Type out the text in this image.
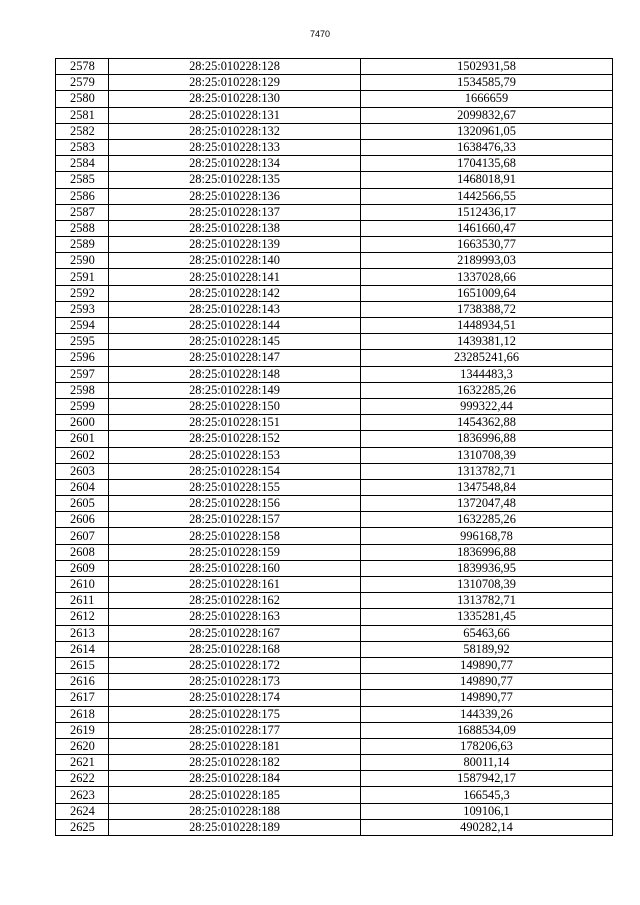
7470
2578	28:25:010228:128	1502931,58
2579	28:25:010228:129	1534585,79
2580	28:25:010228:130	1666659
2581	28:25:010228:131	2099832,67
2582	28:25:010228:132	1320961,05
2583	28:25:010228:133	1638476,33
2584	28:25:010228:134	1704135,68
2585	28:25:010228:135	1468018,91
2586	28:25:010228:136	1442566,55
2587	28:25:010228:137	1512436,17
2588	28:25:010228:138	1461660,47
2589	28:25:010228:139	1663530,77
2590	28:25:010228:140	2189993,03
2591	28:25:010228:141	1337028,66
2592	28:25:010228:142	1651009,64
2593	28:25:010228:143	1738388,72
2594	28:25:010228:144	1448934,51
2595	28:25:010228:145	1439381,12
2596	28:25:010228:147	23285241,66
2597	28:25:010228:148	1344483,3
2598	28:25:010228:149	1632285,26
2599	28:25:010228:150	999322,44
2600	28:25:010228:151	1454362,88
2601	28:25:010228:152	1836996,88
2602	28:25:010228:153	1310708,39
2603	28:25:010228:154	1313782,71
2604	28:25:010228:155	1347548,84
2605	28:25:010228:156	1372047,48
2606	28:25:010228:157	1632285,26
2607	28:25:010228:158	996168,78
2608	28:25:010228:159	1836996,88
2609	28:25:010228:160	1839936,95
2610	28:25:010228:161	1310708,39
2611	28:25:010228:162	1313782,71
2612	28:25:010228:163	1335281,45
2613	28:25:010228:167	65463,66
2614	28:25:010228:168	58189,92
2615	28:25:010228:172	149890,77
2616	28:25:010228:173	149890,77
2617	28:25:010228:174	149890,77
2618	28:25:010228:175	144339,26
2619	28:25:010228:177	1688534,09
2620	28:25:010228:181	178206,63
2621	28:25:010228:182	80011,14
2622	28:25:010228:184	1587942,17
2623	28:25:010228:185	166545,3
2624	28:25:010228:188	109106,1
2625	28:25:010228:189	490282,14
